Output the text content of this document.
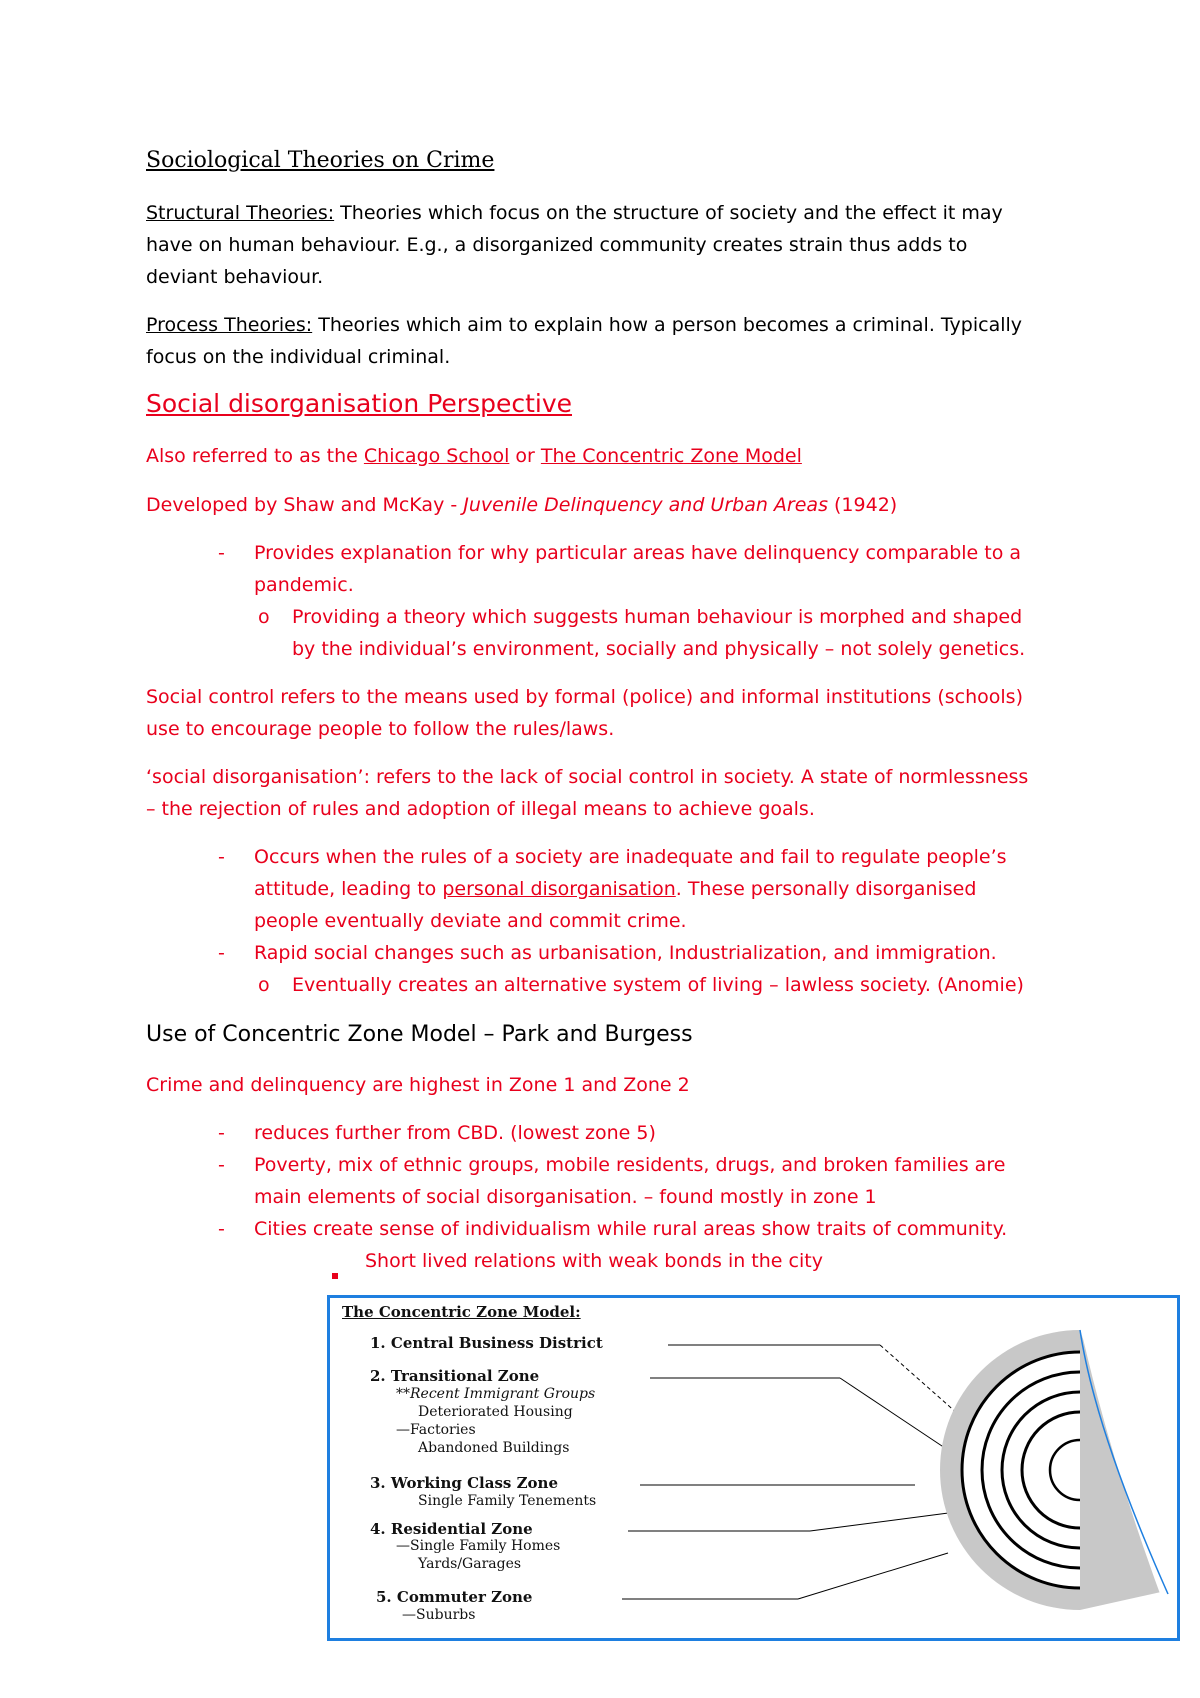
Sociological Theories on Crime
Structural Theories: Theories which focus on the structure of society and the effect it may
have on human behaviour. E.g., a disorganized community creates strain thus adds to
deviant behaviour.
Process Theories: Theories which aim to explain how a person becomes a criminal. Typically
focus on the individual criminal.
Social disorganisation Perspective
Also referred to as the Chicago School or The Concentric Zone Model
Developed by Shaw and McKay - Juvenile Delinquency and Urban Areas (1942)
- Provides explanation for why particular areas have delinquency comparable to a
pandemic.
o Providing a theory which suggests human behaviour is morphed and shaped
by the individual’s environment, socially and physically – not solely genetics.
Social control refers to the means used by formal (police) and informal institutions (schools)
use to encourage people to follow the rules/laws.
‘social disorganisation’: refers to the lack of social control in society. A state of normlessness
– the rejection of rules and adoption of illegal means to achieve goals.
- Occurs when the rules of a society are inadequate and fail to regulate people’s
attitude, leading to personal disorganisation. These personally disorganised
people eventually deviate and commit crime.
- Rapid social changes such as urbanisation, Industrialization, and immigration.
o Eventually creates an alternative system of living – lawless society. (Anomie)
Use of Concentric Zone Model – Park and Burgess
Crime and delinquency are highest in Zone 1 and Zone 2
- reduces further from CBD. (lowest zone 5)
- Poverty, mix of ethnic groups, mobile residents, drugs, and broken families are
main elements of social disorganisation. – found mostly in zone 1
- Cities create sense of individualism while rural areas show traits of community.
Short lived relations with weak bonds in the city
The Concentric Zone Model:
1. Central Business District
2. Transitional Zone
**Recent Immigrant Groups
Deteriorated Housing
—Factories
Abandoned Buildings
3. Working Class Zone
Single Family Tenements
4. Residential Zone
—Single Family Homes
Yards/Garages
5. Commuter Zone
—Suburbs
